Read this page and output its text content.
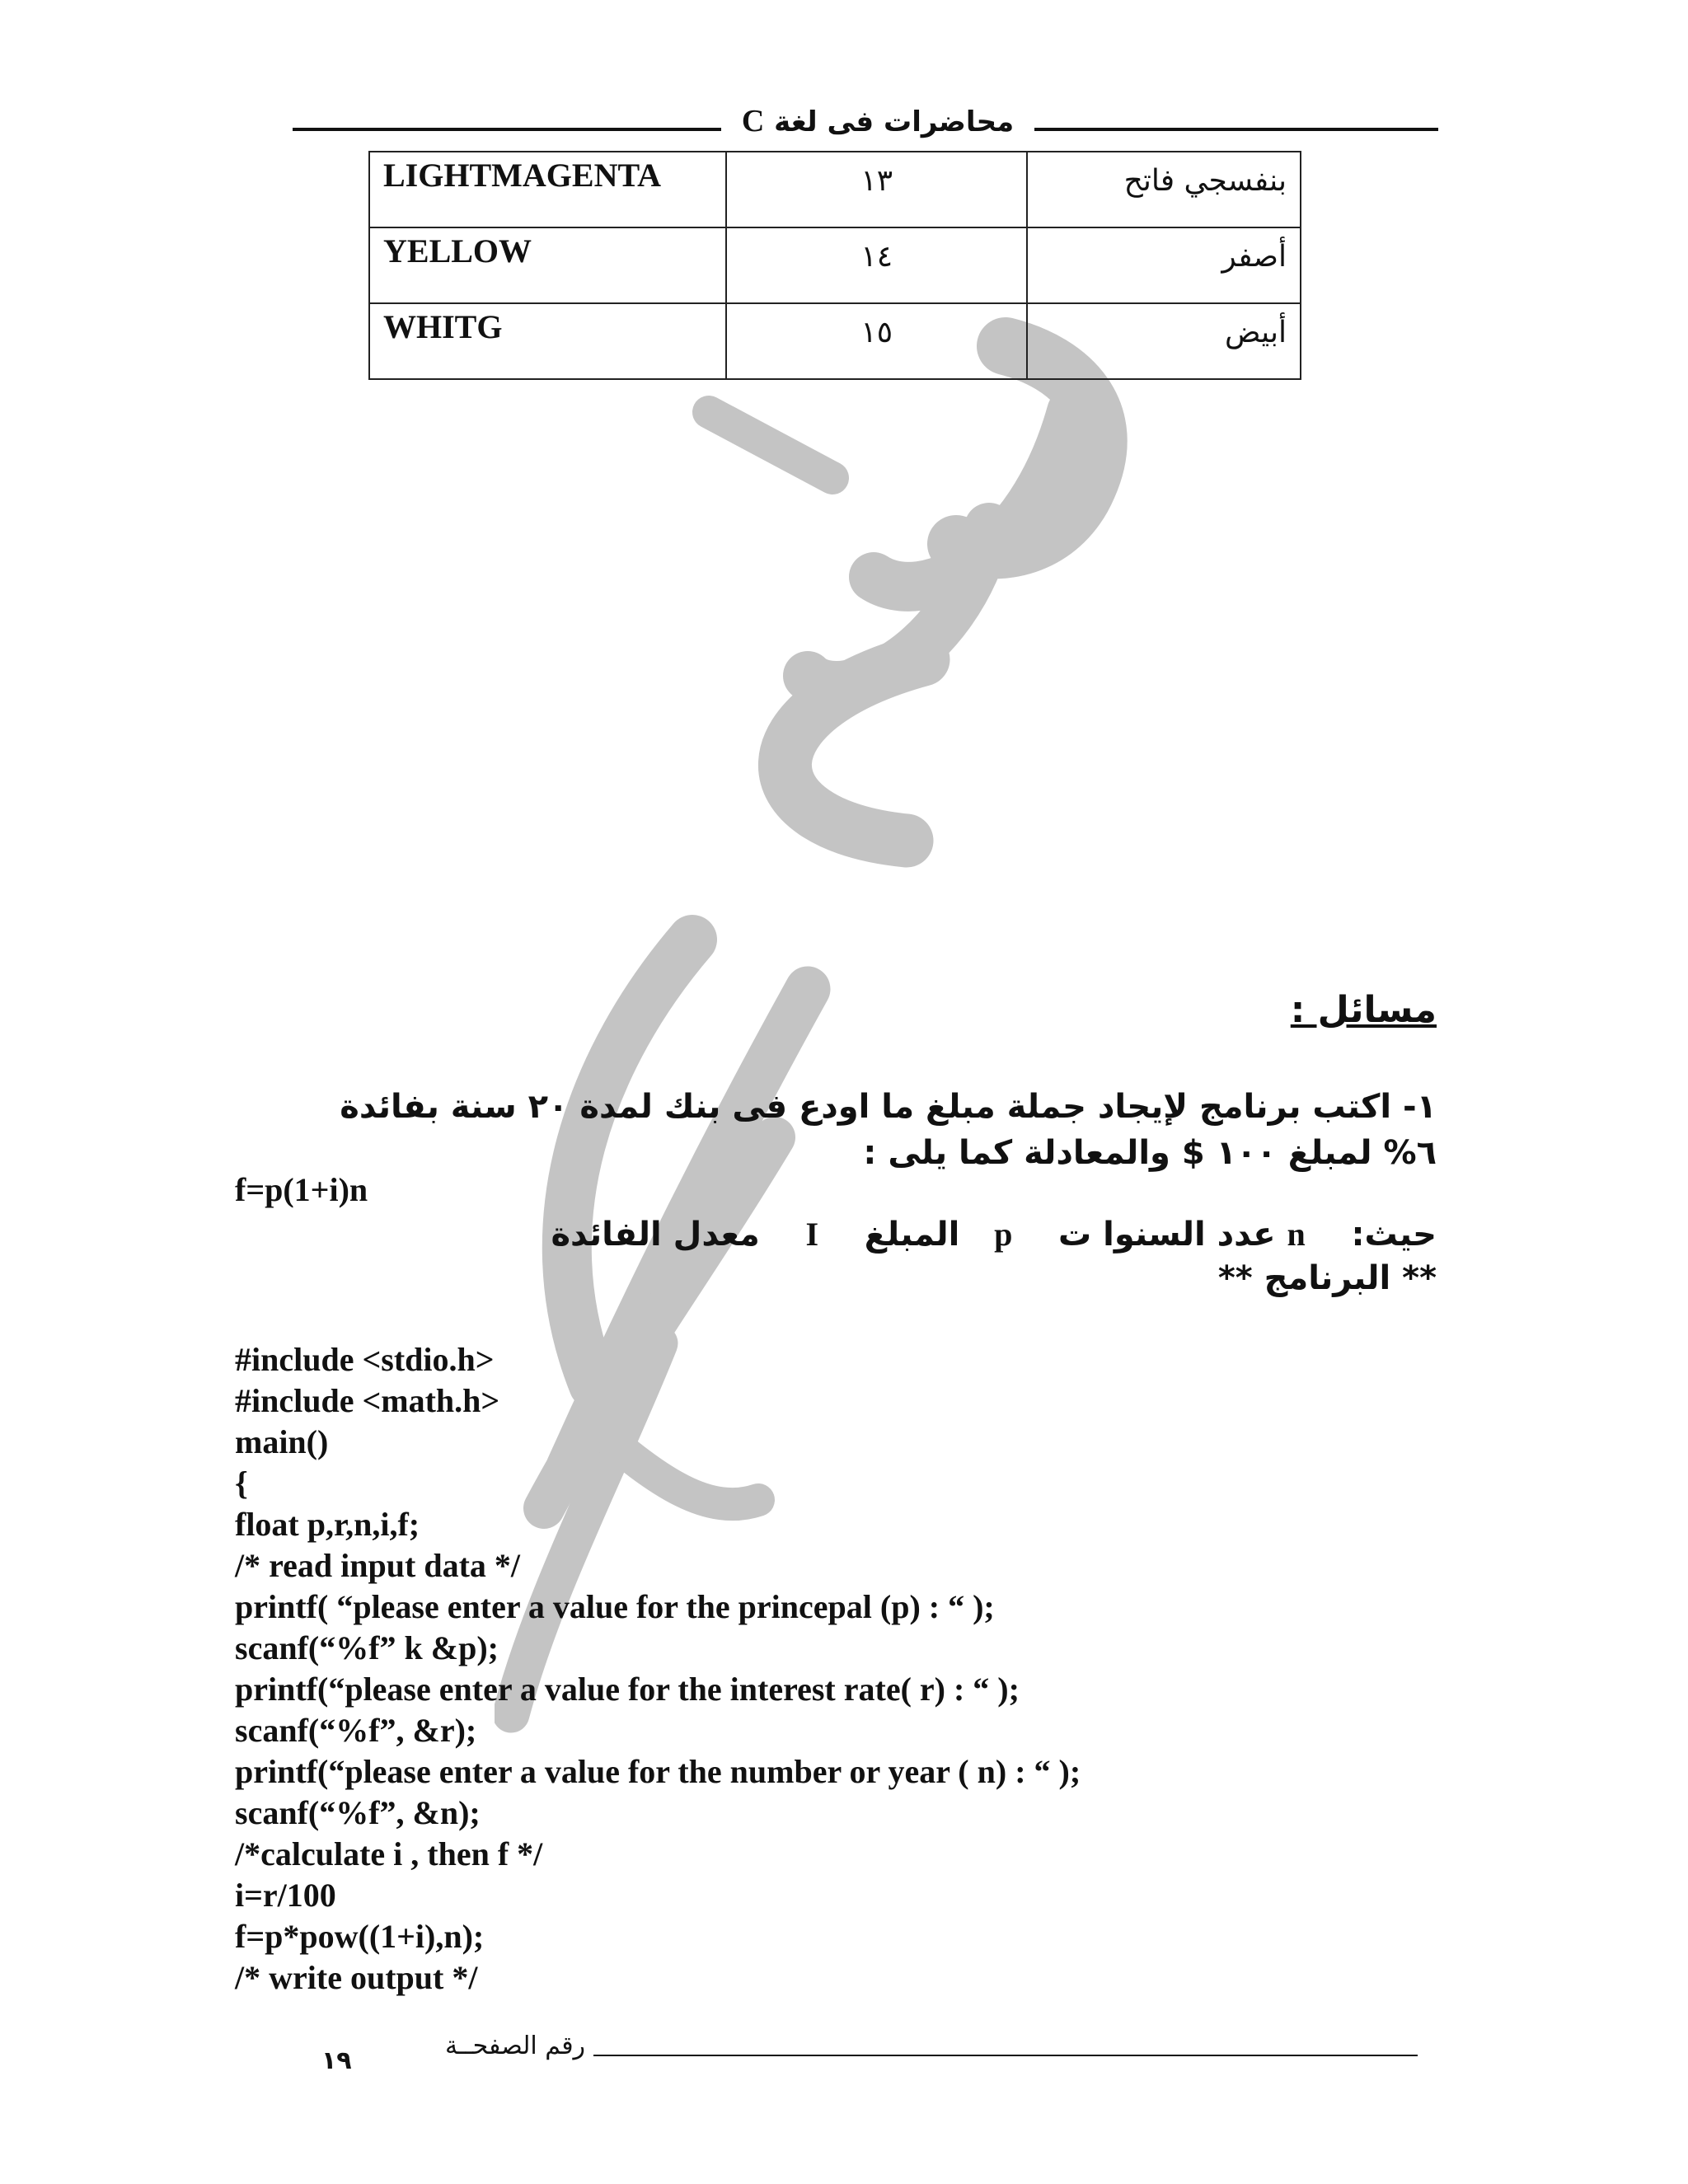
محاضرات فى لغة C
LIGHTMAGENTA	١٣	بنفسجي فاتح
YELLOW	١٤	أصفر
WHITG	١٥	أبيض
مسائل :
١- اكتب برنامج لإيجاد جملة مبلغ ما اودع فى بنك لمدة ٢٠ سنة بفائدة
٦% لمبلغ ١٠٠ $ والمعادلة كما يلى :
f=p(1+i)n
حيث:    n عدد السنوا ت    p   المبلغ    I    معدل الفائدة
** البرنامج **
#include <stdio.h>
#include <math.h>
main()
{
float p,r,n,i,f;
/* read input data */
printf( “please enter a value for the princepal (p) : “ );
scanf(“%f” k &p);
printf(“please enter a value for the interest rate( r) : “ );
scanf(“%f”, &r);
printf(“please enter a value for the number or year ( n) : “ );
scanf(“%f”, &n);
/*calculate i , then f */
i=r/100
f=p*pow((1+i),n);
/* write output */
١٩
رقم الصفحــة
